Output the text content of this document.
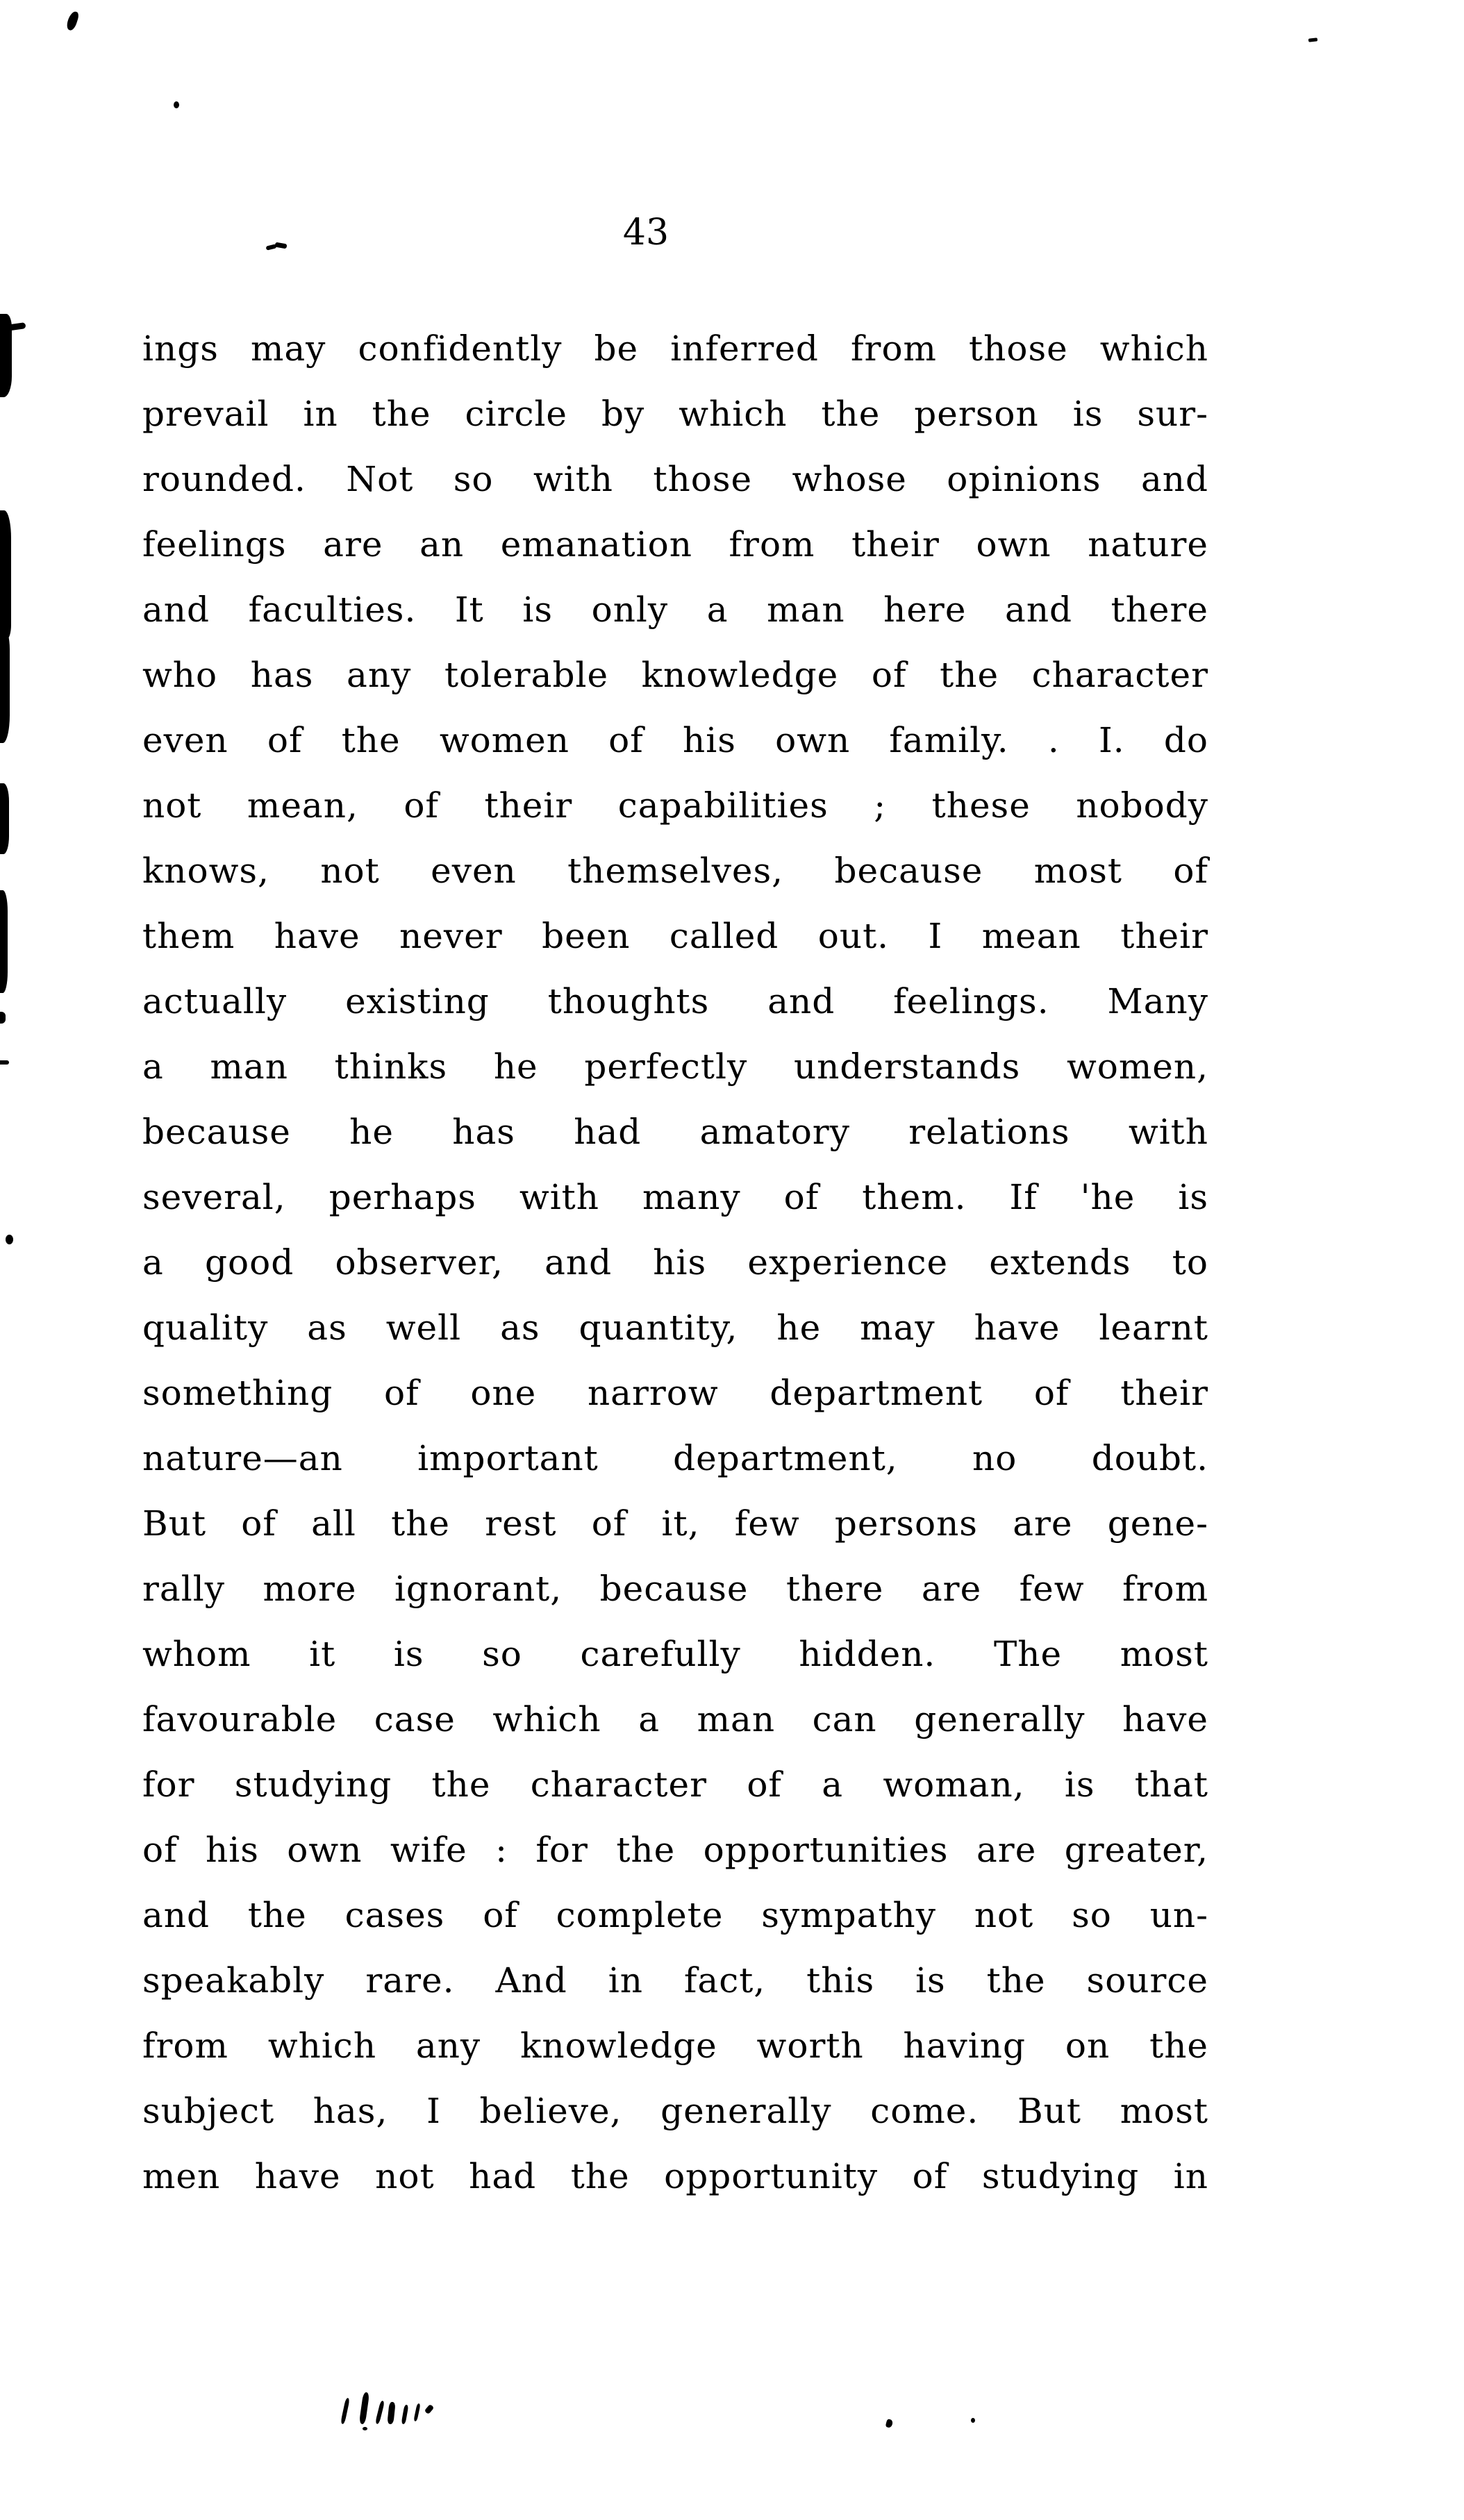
43
ings may confidently be inferred from those which
prevail in the circle by which the person is sur-
rounded. Not so with those whose opinions and
feelings are an emanation from their own nature
and faculties. It is only a man here and there
who has any tolerable knowledge of the character
even of the women of his own family. . I. do
not mean, of their capabilities ; these nobody
knows, not even themselves, because most of
them have never been called out. I mean their
actually existing thoughts and feelings. Many
a man thinks he perfectly understands women,
because he has had amatory relations with
several, perhaps with many of them. If 'he is
a good observer, and his experience extends to
quality as well as quantity, he may have learnt
something of one narrow department of their
nature—an important department, no doubt.
But of all the rest of it, few persons are gene-
rally more ignorant, because there are few from
whom it is so carefully hidden. The most
favourable case which a man can generally have
for studying the character of a woman, is that
of his own wife : for the opportunities are greater,
and the cases of complete sympathy not so un-
speakably rare. And in fact, this is the source
from which any knowledge worth having on the
subject has, I believe, generally come. But most
men have not had the opportunity of studying in
